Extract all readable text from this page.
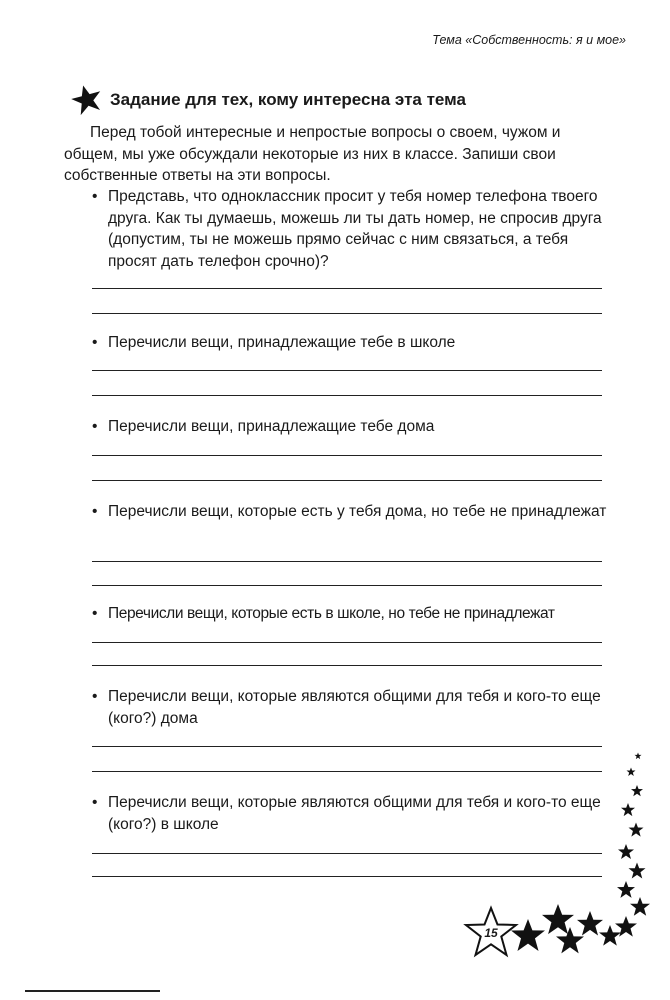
Тема «Собственность: я и мое»
Задание для тех, кому интересна эта тема
Перед тобой интересные и непростые вопросы о своем, чужом и общем, мы уже обсуждали некоторые из них в классе. Запиши свои собственные ответы на эти вопросы.
• Представь, что одноклассник просит у тебя номер телефона твоего друга. Как ты думаешь, можешь ли ты дать номер, не спросив друга (допустим, ты не можешь прямо сейчас с ним связаться, а тебя просят дать телефон срочно)?
• Перечисли вещи, принадлежащие тебе в школе
• Перечисли вещи, принадлежащие тебе дома
• Перечисли вещи, которые есть у тебя дома, но тебе не принадлежат
• Перечисли вещи, которые есть в школе, но тебе не принадлежат
• Перечисли вещи, которые являются общими для тебя и кого-то еще (кого?) дома
• Перечисли вещи, которые являются общими для тебя и кого-то еще (кого?) в школе
15
